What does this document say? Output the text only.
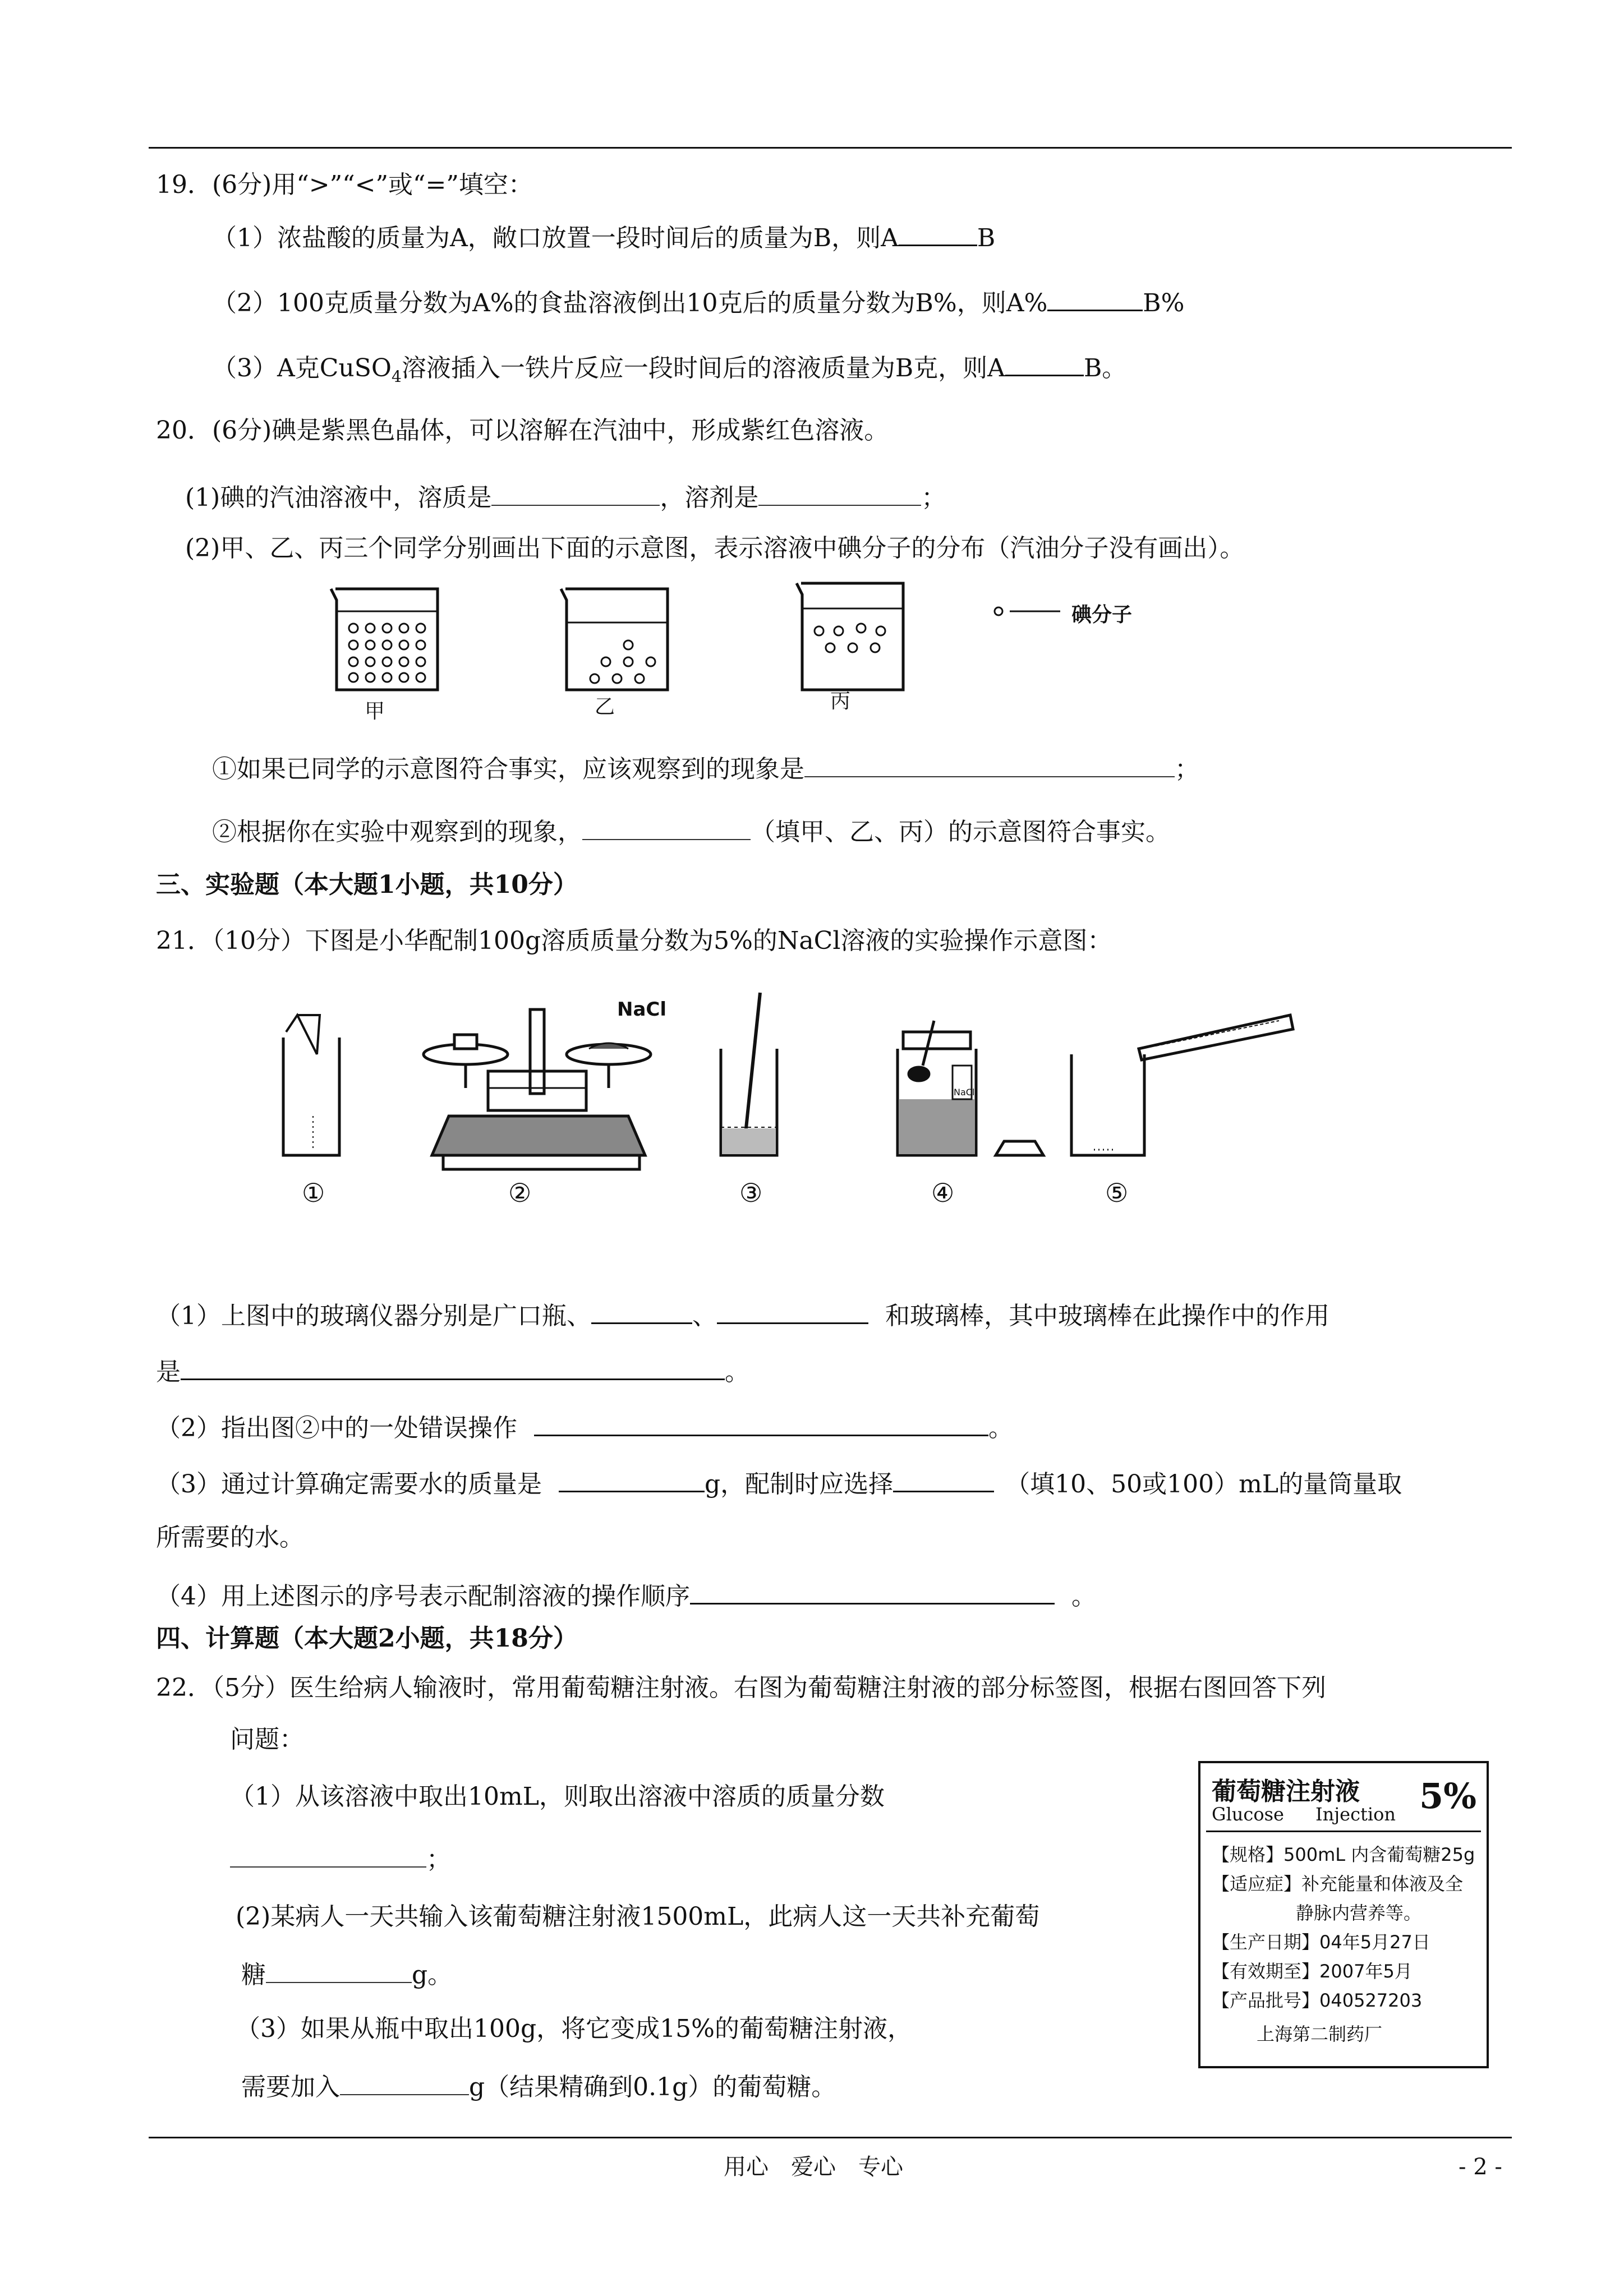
19．(6分)用“>”“<”或“=”填空：
（1）浓盐酸的质量为A，敞口放置一段时间后的质量为B，则A	B
（2）100克质量分数为A%的食盐溶液倒出10克后的质量分数为B%，则A%	B%
（3）A克CuSO$_4$溶液插入一铁片反应一段时间后的溶液质量为B克，则A	B。
20．(6分)碘是紫黑色晶体，可以溶解在汽油中，形成紫红色溶液。
(1)碘的汽油溶液中，溶质是	，溶剂是	；
(2)甲、乙、丙三个同学分别画出下面的示意图，表示溶液中碘分子的分布（汽油分子没有画出）。
碘分子
甲	乙	丙
①如果已同学的示意图符合事实，应该观察到的现象是	；
②根据你在实验中观察到的现象，	（填甲、乙、丙）的示意图符合事实。
三、实验题（本大题1小题，共10分）
21．（10分）下图是小华配制100g溶质质量分数为5%的NaCl溶液的实验操作示意图：
NaCl
NaCl
①	②	③	④	⑤
（1）上图中的玻璃仪器分别是广口瓶、	、	和玻璃棒，其中玻璃棒在此操作中的作用
是	。
（2）指出图②中的一处错误操作	。
（3）通过计算确定需要水的质量是	g，配制时应选择	（填10、50或100）mL的量筒量取
所需要的水。
（4）用上述图示的序号表示配制溶液的操作顺序	。
四、计算题（本大题2小题，共18分）
22．（5分）医生给病人输液时，常用葡萄糖注射液。右图为葡萄糖注射液的部分标签图，根据右图回答下列
问题：
（1）从该溶液中取出10mL，则取出溶液中溶质的质量分数
；
(2)某病人一天共输入该葡萄糖注射液1500mL，此病人这一天共补充葡萄
糖	g。
（3）如果从瓶中取出100g，将它变成15%的葡萄糖注射液，
需要加入	g（结果精确到0.1g）的葡萄糖。
葡萄糖注射液 5%
Glucose Injection
【规格】500mL 内含葡萄糖25g
【适应症】补充能量和体液及全
静脉内营养等。
【生产日期】04年5月27日
【有效期至】2007年5月
【产品批号】040527203
上海第二制药厂
用心　爱心　专心	- 2 -
